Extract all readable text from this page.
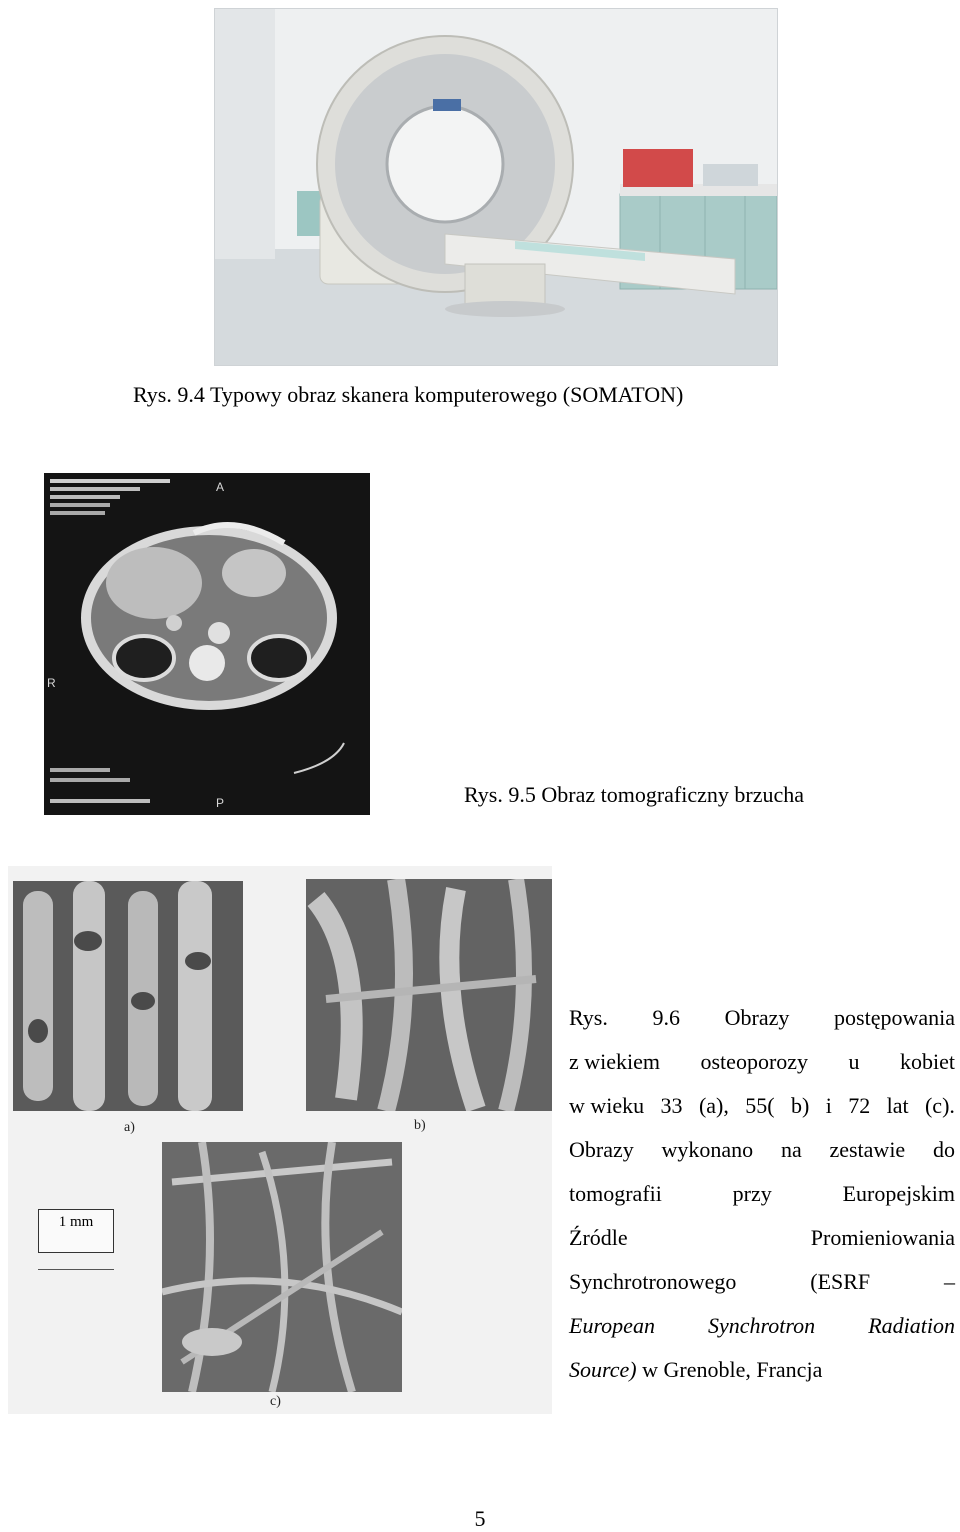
Rys. 9.4 Typowy obraz skanera komputerowego (SOMATON)
A
P
R
Rys. 9.5 Obraz tomograficzny brzucha
a)	b)
c)
1 mm
Rys. 9.6 Obrazy postępowania
z wiekiem osteoporozy u kobiet
w wieku 33 (a), 55( b) i 72 lat (c).
Obrazy wykonano na zestawie do
tomografii	przy	Europejskim
Źródle	Promieniowania
Synchrotronowego	(ESRF	–
European Synchrotron Radiation
Source)
w
Grenoble,
Francja
5
